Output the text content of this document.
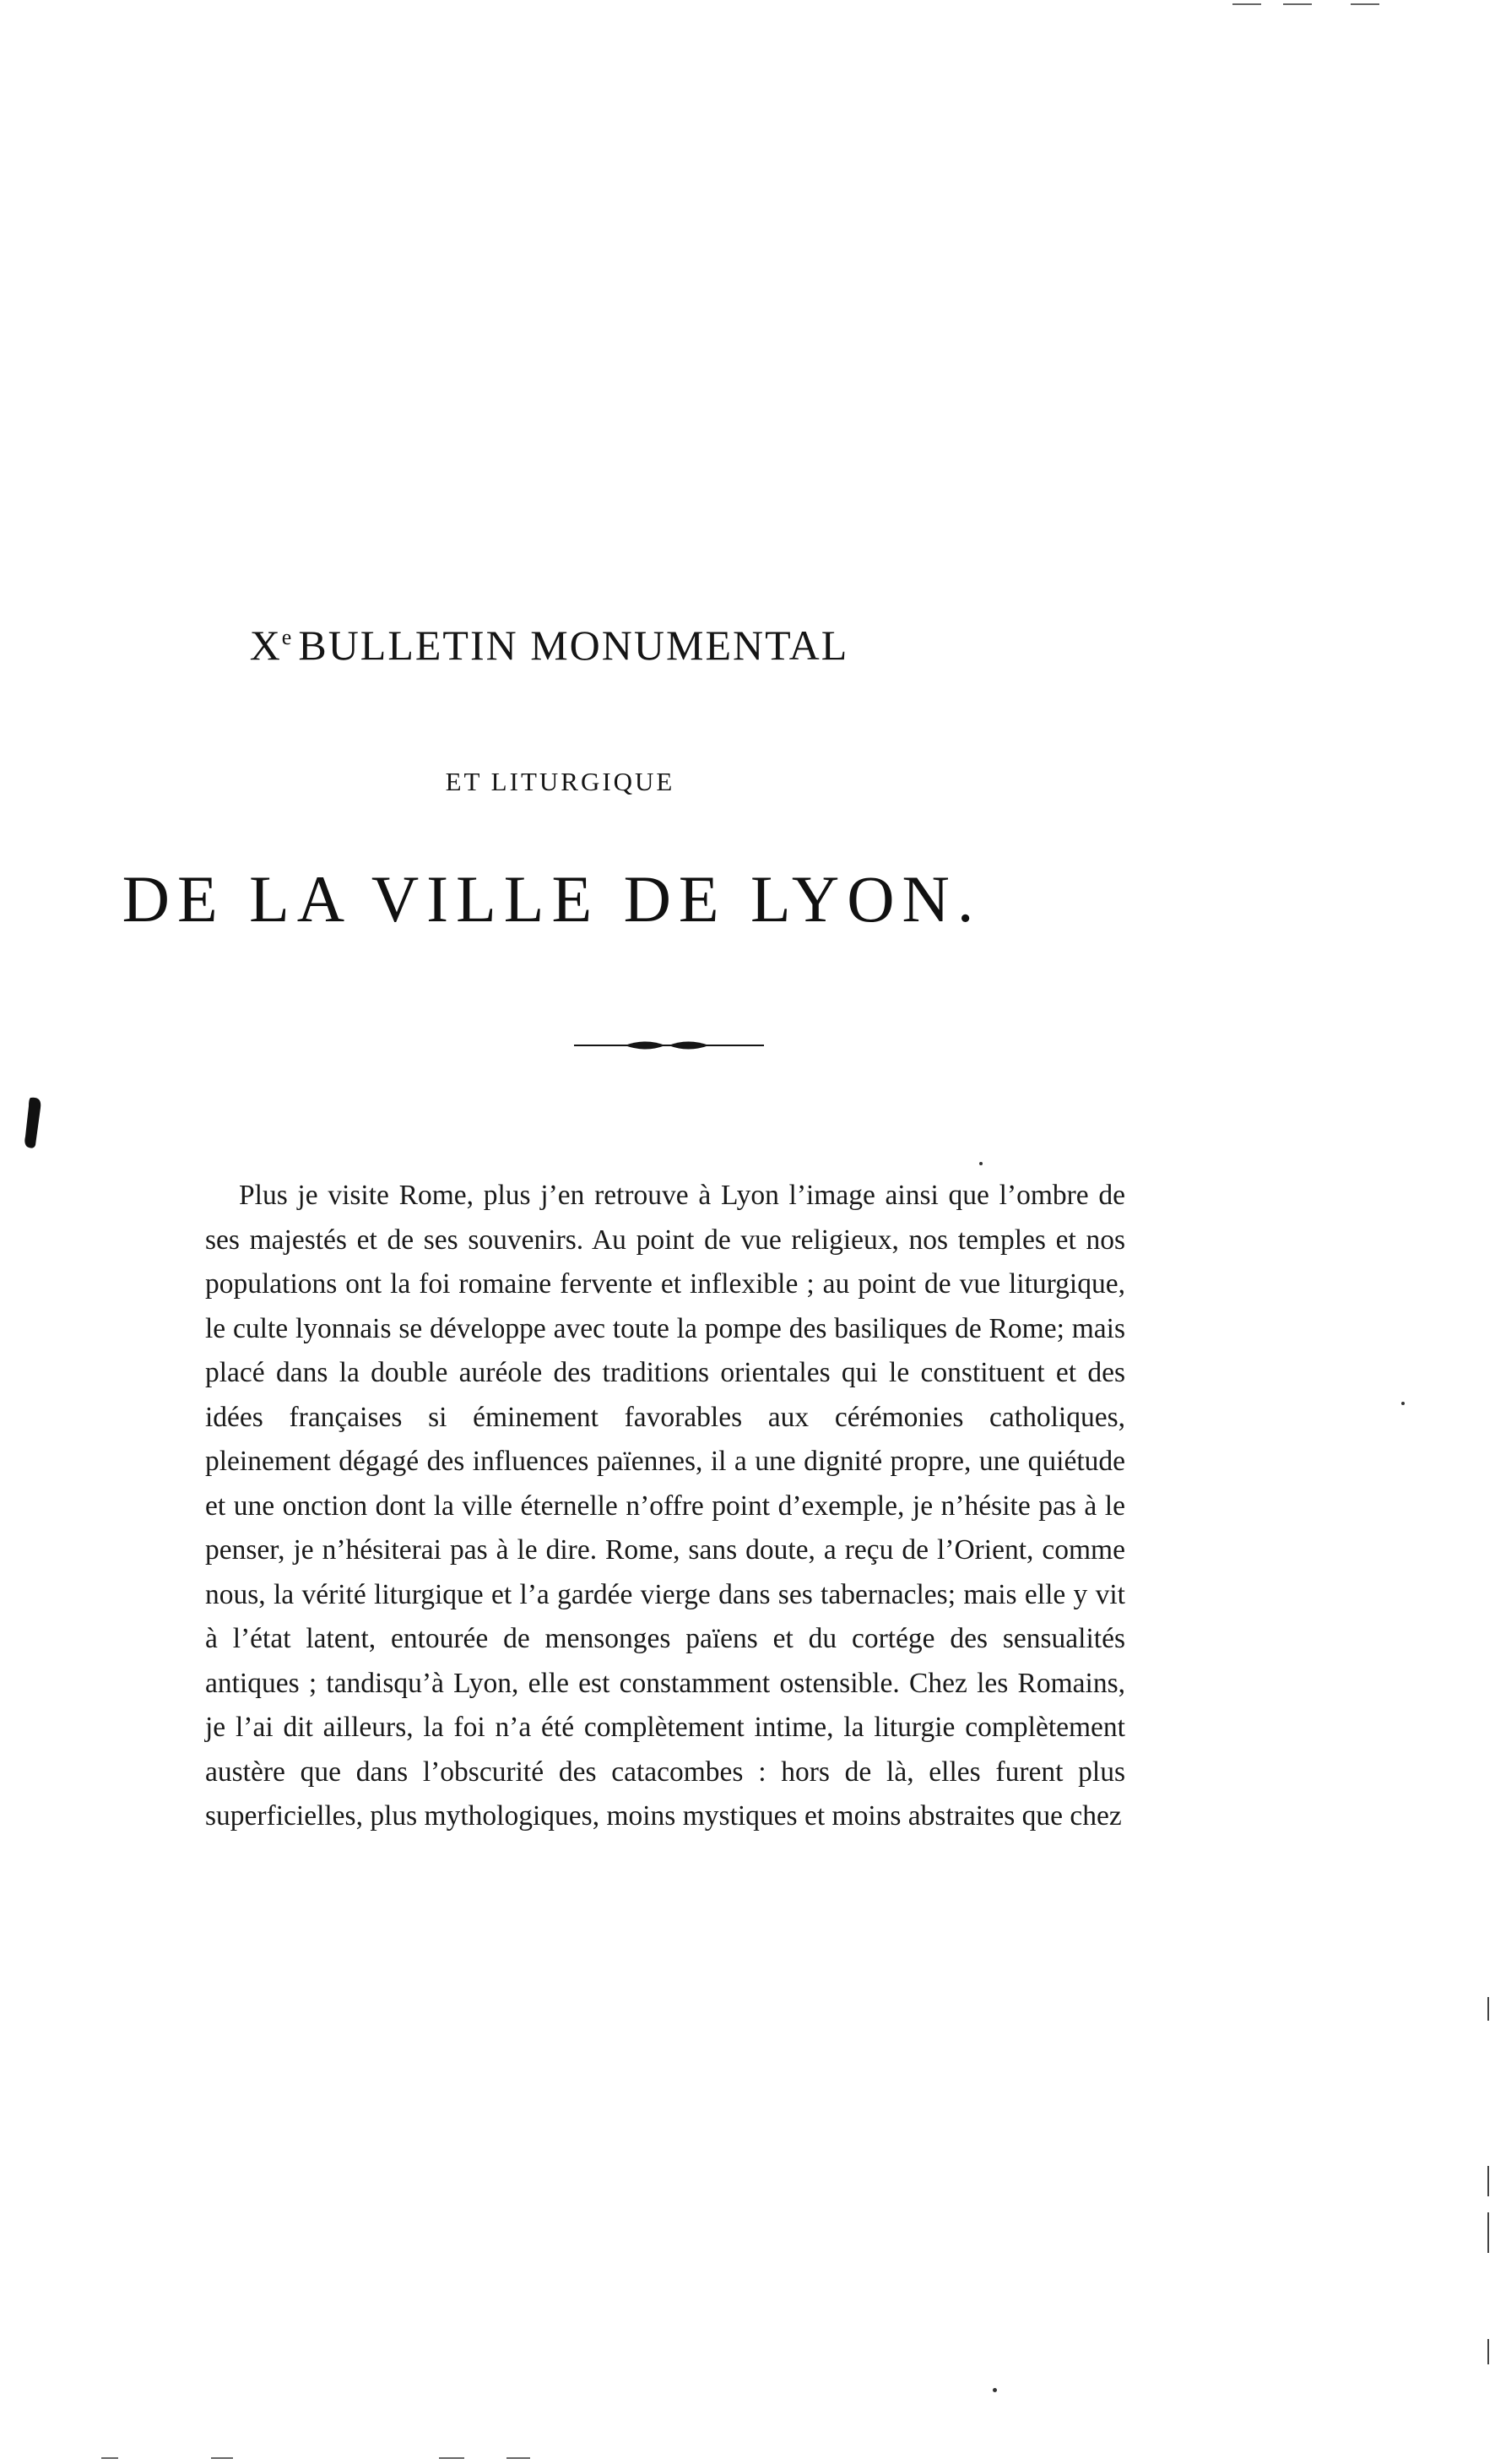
Xe BULLETIN MONUMENTAL
ET LITURGIQUE
DE LA VILLE DE LYON.

Plus je visite Rome, plus j’en retrouve à Lyon l’image ainsi que l’ombre de ses majestés et de ses souvenirs. Au point de vue religieux, nos temples et nos populations ont la foi romaine fervente et inflexible ; au point de vue liturgique, le culte lyonnais se développe avec toute la pompe des basiliques de Rome; mais placé dans la double auréole des traditions orientales qui le constituent et des idées françaises si éminement favorables aux cérémonies catholiques, pleinement dégagé des influences païennes, il a une dignité propre, une quiétude et une onction dont la ville éternelle n’offre point d’exemple, je n’hésite pas à le penser, je n’hésiterai pas à le dire. Rome, sans doute, a reçu de l’Orient, comme nous, la vérité liturgique et l’a gardée vierge dans ses tabernacles; mais elle y vit à l’état latent, entourée de mensonges païens et du cortége des sensualités antiques ; tandisqu’à Lyon, elle est constamment ostensible. Chez les Romains, je l’ai dit ailleurs, la foi n’a été complètement intime, la liturgie complètement austère que dans l’obscurité des catacombes : hors de là, elles furent plus superficielles, plus mythologiques, moins mystiques et moins abstraites que chez
